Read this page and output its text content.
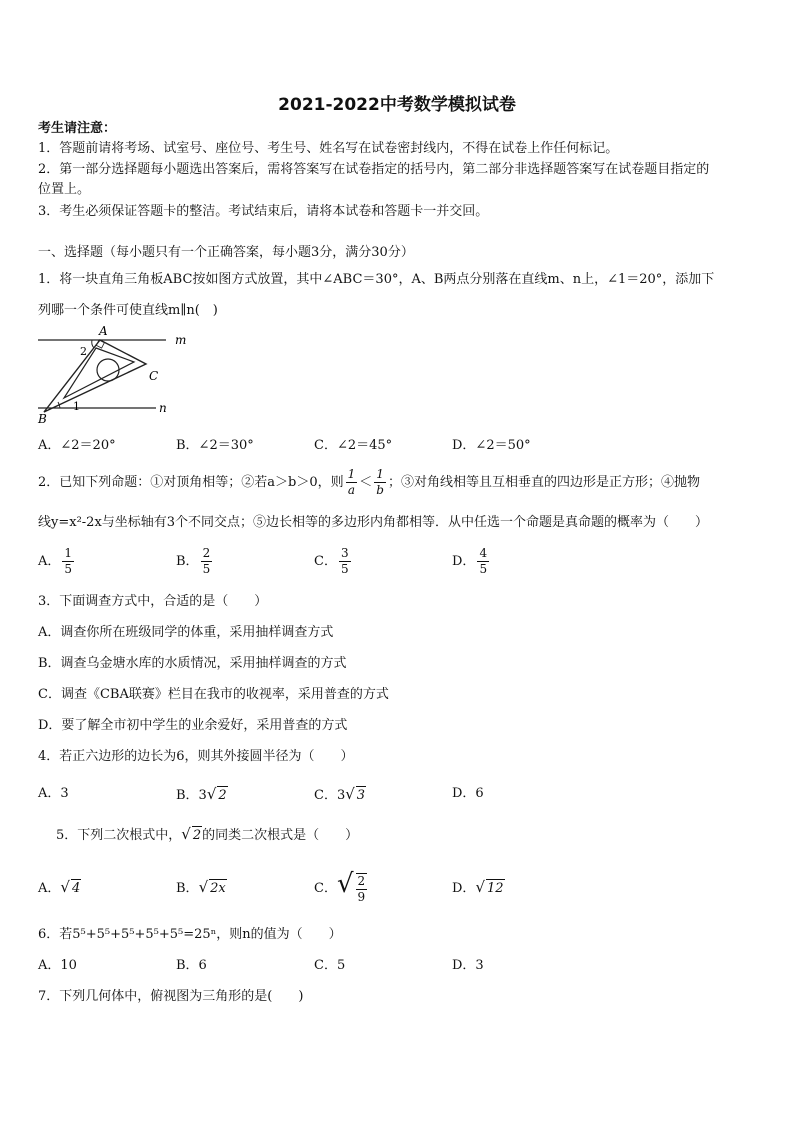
2021-2022中考数学模拟试卷
考生请注意：
1．答题前请将考场、试室号、座位号、考生号、姓名写在试卷密封线内，不得在试卷上作任何标记。
2．第一部分选择题每小题选出答案后，需将答案写在试卷指定的括号内，第二部分非选择题答案写在试卷题目指定的
位置上。
3．考生必须保证答题卡的整洁。考试结束后，请将本试卷和答题卡一并交回。
一、选择题（每小题只有一个正确答案，每小题3分，满分30分）
1．将一块直角三角板ABC按如图方式放置，其中∠ABC＝30°，A、B两点分别落在直线m、n上，∠1＝20°，添加下
列哪一个条件可使直线m∥n(　)
A
B
C
m
n
1
2
A．∠2＝20°	B．∠2＝30°	C．∠2＝45°	D．∠2＝50°
2．已知下列命题：①对顶角相等；②若a＞b＞0，则 $\frac{1}{a} < \frac{1}{b}$ ；③对角线相等且互相垂直的四边形是正方形；④抛物
线y=x²-2x与坐标轴有3个不同交点；⑤边长相等的多边形内角都相等．从中任选一个命题是真命题的概率为（　　）
A． $\frac{1}{5}$	B． $\frac{2}{5}$	C． $\frac{3}{5}$	D． $\frac{4}{5}$
3．下面调查方式中，合适的是（　　）
A．调查你所在班级同学的体重，采用抽样调查方式
B．调查乌金塘水库的水质情况，采用抽样调查的方式
C．调查《CBA联赛》栏目在我市的收视率，采用普查的方式
D．要了解全市初中学生的业余爱好，采用普查的方式
4．若正六边形的边长为6，则其外接圆半径为（　　）
A．3	B．3√ 2	C．3√ 3	D．6
5．下列二次根式中，√ 2的同类二次根式是（　　）
A．√ 4	B．√ 2x	C．√ $\frac{2}{9}$	D．√ 12
6．若5⁵+5⁵+5⁵+5⁵+5⁵=25ⁿ，则n的值为（　　）
A．10	B．6	C．5	D．3
7．下列几何体中，俯视图为三角形的是(　　)
